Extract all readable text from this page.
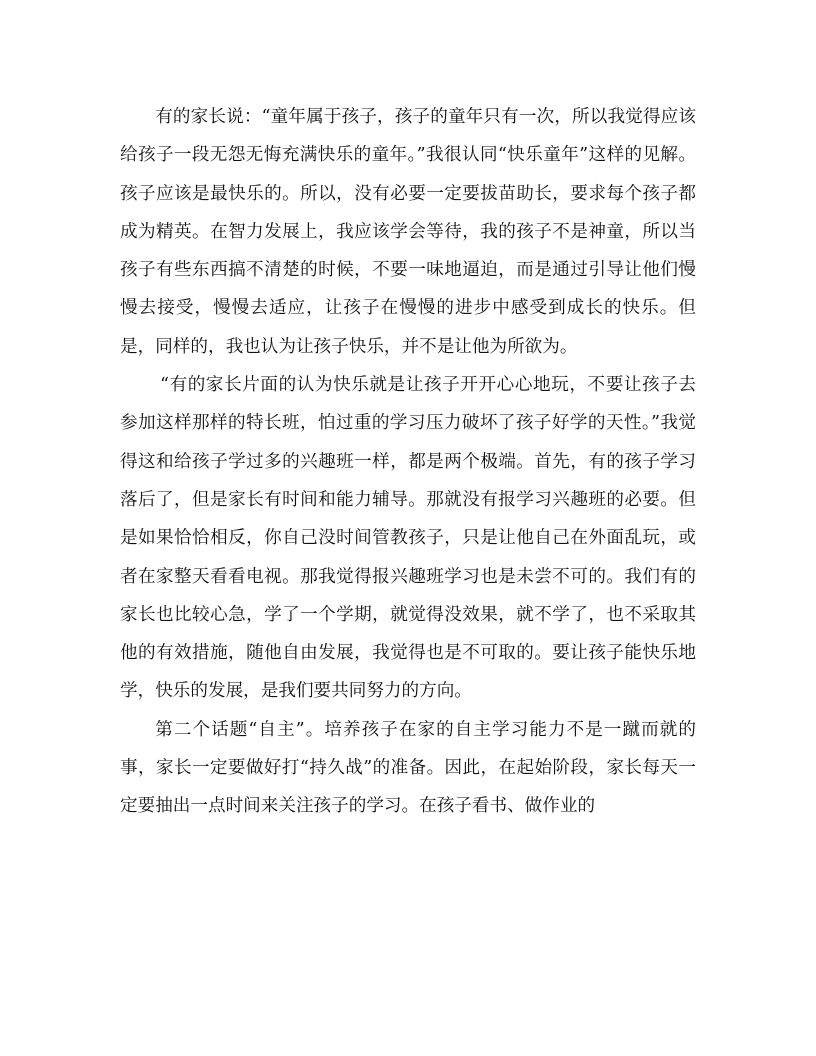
有的家长说：“童年属于孩子，孩子的童年只有一次，所以我觉得应该给孩子一段无怨无悔充满快乐的童年。”我很认同“快乐童年”这样的见解。孩子应该是最快乐的。所以，没有必要一定要拔苗助长，要求每个孩子都成为精英。在智力发展上，我应该学会等待，我的孩子不是神童，所以当孩子有些东西搞不清楚的时候，不要一味地逼迫，而是通过引导让他们慢慢去接受，慢慢去适应，让孩子在慢慢的进步中感受到成长的快乐。但是，同样的，我也认为让孩子快乐，并不是让他为所欲为。

“有的家长片面的认为快乐就是让孩子开开心心地玩，不要让孩子去参加这样那样的特长班，怕过重的学习压力破坏了孩子好学的天性。”我觉得这和给孩子学过多的兴趣班一样，都是两个极端。首先，有的孩子学习落后了，但是家长有时间和能力辅导。那就没有报学习兴趣班的必要。但是如果恰恰相反，你自己没时间管教孩子，只是让他自己在外面乱玩，或者在家整天看看电视。那我觉得报兴趣班学习也是未尝不可的。我们有的家长也比较心急，学了一个学期，就觉得没效果，就不学了，也不采取其他的有效措施，随他自由发展，我觉得也是不可取的。要让孩子能快乐地学，快乐的发展，是我们要共同努力的方向。

第二个话题“自主”。培养孩子在家的自主学习能力不是一蹴而就的事，家长一定要做好打“持久战”的准备。因此，在起始阶段，家长每天一定要抽出一点时间来关注孩子的学习。在孩子看书、做作业的
